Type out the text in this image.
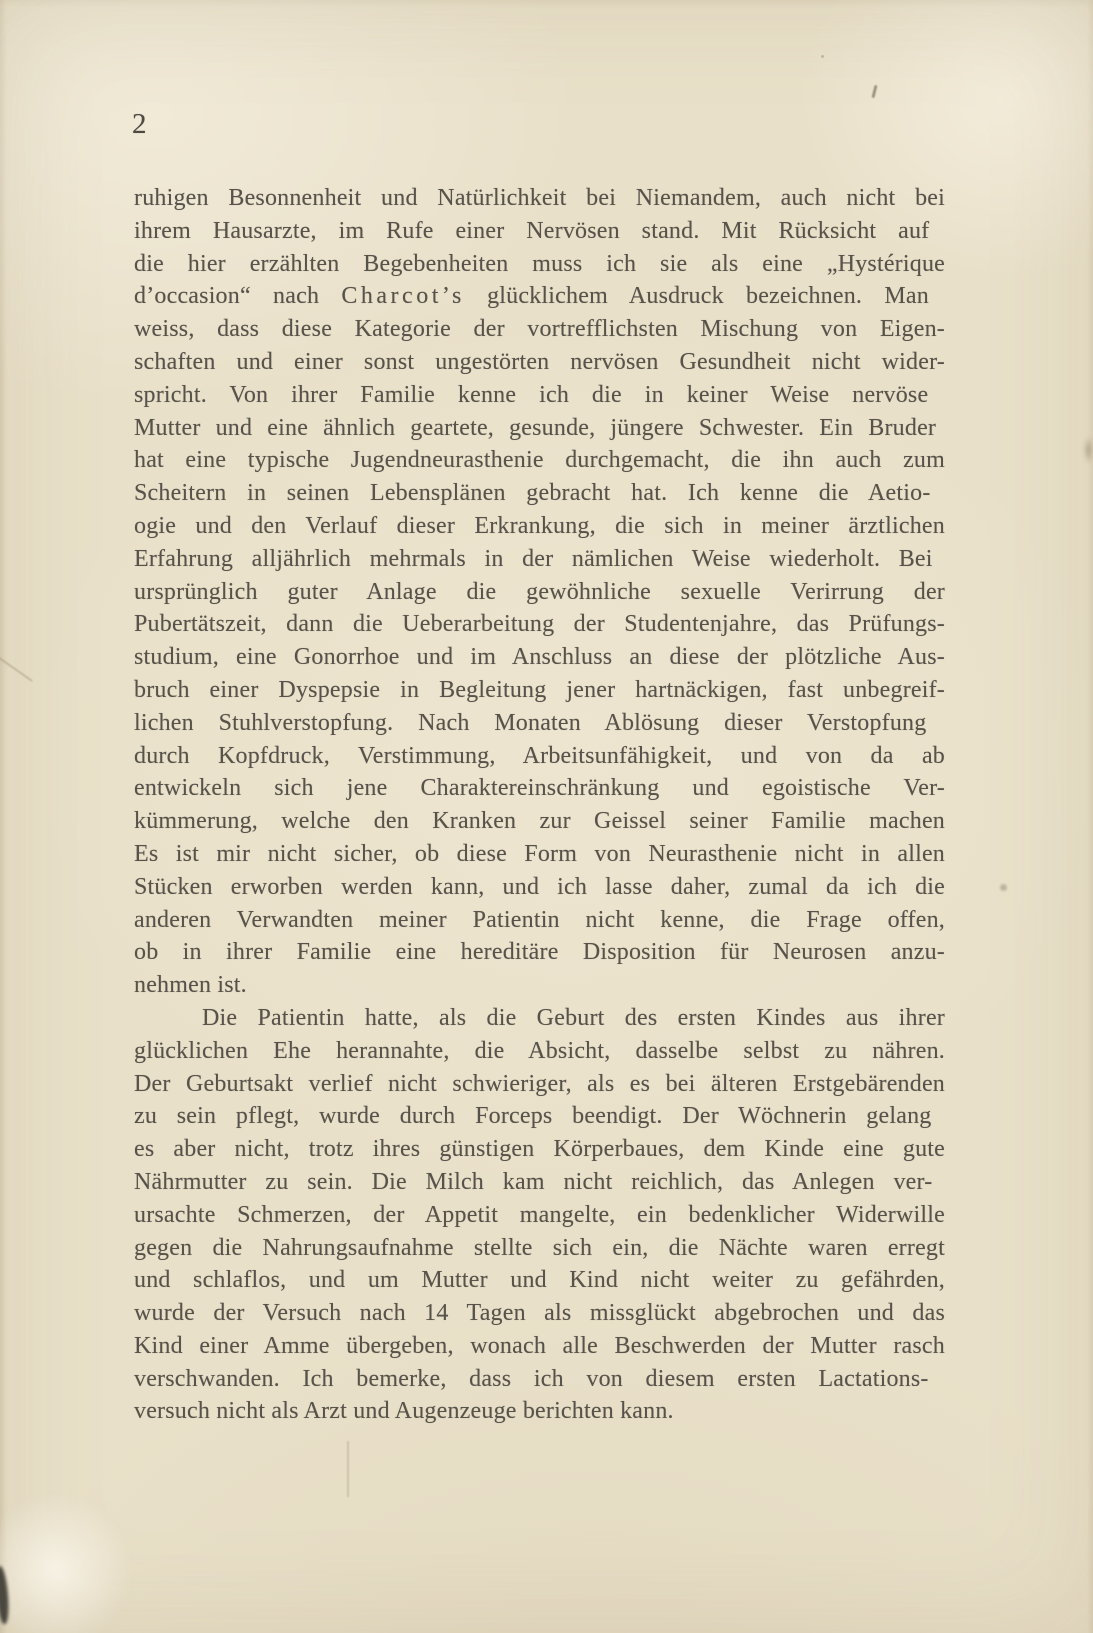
2
ruhigen Besonnenheit und Natürlichkeit bei Niemandem, auch nicht bei
ihrem Hausarzte, im Rufe einer Nervösen stand. Mit Rücksicht auf
die hier erzählten Begebenheiten muss ich sie als eine „Hystérique
d’occasion“ nach Charcot’s glücklichem Ausdruck bezeichnen. Man
weiss, dass diese Kategorie der vortrefflichsten Mischung von Eigen-
schaften und einer sonst ungestörten nervösen Gesundheit nicht wider-
spricht. Von ihrer Familie kenne ich die in keiner Weise nervöse
Mutter und eine ähnlich geartete, gesunde, jüngere Schwester. Ein Bruder
hat eine typische Jugendneurasthenie durchgemacht, die ihn auch zum
Scheitern in seinen Lebensplänen gebracht hat. Ich kenne die Aetio-
ogie und den Verlauf dieser Erkrankung, die sich in meiner ärztlichen
Erfahrung alljährlich mehrmals in der nämlichen Weise wiederholt. Bei
ursprünglich guter Anlage die gewöhnliche sexuelle Verirrung der
Pubertätszeit, dann die Ueberarbeitung der Studentenjahre, das Prüfungs-
studium, eine Gonorrhoe und im Anschluss an diese der plötzliche Aus-
bruch einer Dyspepsie in Begleitung jener hartnäckigen, fast unbegreif-
lichen Stuhlverstopfung. Nach Monaten Ablösung dieser Verstopfung
durch Kopfdruck, Verstimmung, Arbeitsunfähigkeit, und von da ab
entwickeln sich jene Charaktereinschränkung und egoistische Ver-
kümmerung, welche den Kranken zur Geissel seiner Familie machen
Es ist mir nicht sicher, ob diese Form von Neurasthenie nicht in allen
Stücken erworben werden kann, und ich lasse daher, zumal da ich die
anderen Verwandten meiner Patientin nicht kenne, die Frage offen,
ob in ihrer Familie eine hereditäre Disposition für Neurosen anzu-
nehmen ist.
Die Patientin hatte, als die Geburt des ersten Kindes aus ihrer
glücklichen Ehe herannahte, die Absicht, dasselbe selbst zu nähren.
Der Geburtsakt verlief nicht schwieriger, als es bei älteren Erstgebärenden
zu sein pflegt, wurde durch Forceps beendigt. Der Wöchnerin gelang
es aber nicht, trotz ihres günstigen Körperbaues, dem Kinde eine gute
Nährmutter zu sein. Die Milch kam nicht reichlich, das Anlegen ver-
ursachte Schmerzen, der Appetit mangelte, ein bedenklicher Widerwille
gegen die Nahrungsaufnahme stellte sich ein, die Nächte waren erregt
und schlaflos, und um Mutter und Kind nicht weiter zu gefährden,
wurde der Versuch nach 14 Tagen als missglückt abgebrochen und das
Kind einer Amme übergeben, wonach alle Beschwerden der Mutter rasch
verschwanden. Ich bemerke, dass ich von diesem ersten Lactations-
versuch nicht als Arzt und Augenzeuge berichten kann.
